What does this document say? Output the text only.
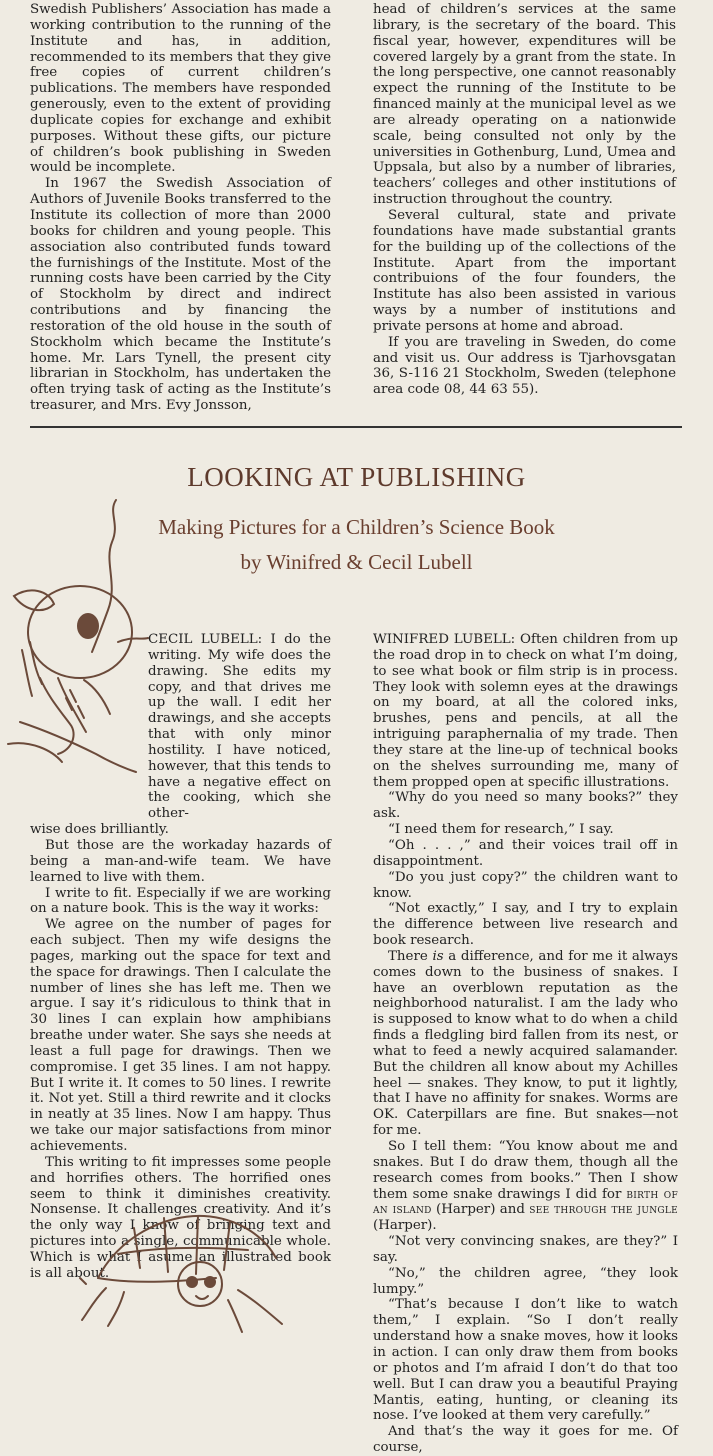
Swedish Publishers’ Association has made a working contribution to the running of the Institute and has, in addition, recommended to its members that they give free copies of current children’s publications. The members have responded generously, even to the extent of providing duplicate copies for exchange and exhibit purposes. Without these gifts, our picture of children’s book publishing in Sweden would be incomplete.

In 1967 the Swedish Association of Authors of Juvenile Books transferred to the Institute its collection of more than 2000 books for children and young people. This association also contributed funds toward the furnishings of the Institute. Most of the running costs have been carried by the City of Stockholm by direct and indirect contributions and by financing the restoration of the old house in the south of Stockholm which became the Institute’s home. Mr. Lars Tynell, the present city librarian in Stockholm, has undertaken the often trying task of acting as the Institute’s treasurer, and Mrs. Evy Jonsson,

head of children’s services at the same library, is the secretary of the board. This fiscal year, however, expenditures will be covered largely by a grant from the state. In the long perspective, one cannot reasonably expect the running of the Institute to be financed mainly at the municipal level as we are already operating on a nationwide scale, being consulted not only by the universities in Gothenburg, Lund, Umea and Uppsala, but also by a number of libraries, teachers’ colleges and other institutions of instruction throughout the country.

Several cultural, state and private foundations have made substantial grants for the building up of the collections of the Institute. Apart from the important contribuions of the four founders, the Institute has also been assisted in various ways by a number of institutions and private persons at home and abroad.

If you are traveling in Sweden, do come and visit us. Our address is Tjarhovsgatan 36, S-116 21 Stockholm, Sweden (telephone area code 08, 44 63 55).

LOOKING AT PUBLISHING
Making Pictures for a Children’s Science Book
by Winifred & Cecil Lubell

CECIL LUBELL: I do the writing. My wife does the drawing. She edits my copy, and that drives me up the wall. I edit her drawings, and she accepts that with only minor hostility. I have noticed, however, that this tends to have a negative effect on the cooking, which she other-

wise does brilliantly.

But those are the workaday hazards of being a man-and-wife team. We have learned to live with them.

I write to fit. Especially if we are working on a nature book. This is the way it works:

We agree on the number of pages for each subject. Then my wife designs the pages, marking out the space for text and the space for drawings. Then I calculate the number of lines she has left me. Then we argue. I say it’s ridiculous to think that in 30 lines I can explain how amphibians breathe under water. She says she needs at least a full page for drawings. Then we compromise. I get 35 lines. I am not happy. But I write it. It comes to 50 lines. I rewrite it. Not yet. Still a third rewrite and it clocks in neatly at 35 lines. Now I am happy. Thus we take our major satisfactions from minor achievements.

This writing to fit impresses some people and horrifies others. The horrified ones seem to think it diminishes creativity. Nonsense. It challenges creativity. And it’s the only way I know of bringing text and pictures into a single, communicable whole. Which is what I asume an illustrated book is all about.

WINIFRED LUBELL: Often children from up the road drop in to check on what I’m doing, to see what book or film strip is in process. They look with solemn eyes at the drawings on my board, at all the colored inks, brushes, pens and pencils, at all the intriguing paraphernalia of my trade. Then they stare at the line-up of technical books on the shelves surrounding me, many of them propped open at specific illustrations.

“Why do you need so many books?” they ask.

“I need them for research,” I say.

“Oh . . . ,” and their voices trail off in disappointment.

“Do you just copy?” the children want to know.

“Not exactly,” I say, and I try to explain the difference between live research and book research.

There is a difference, and for me it always comes down to the business of snakes. I have an overblown reputation as the neighborhood naturalist. I am the lady who is supposed to know what to do when a child finds a fledgling bird fallen from its nest, or what to feed a newly acquired salamander. But the children all know about my Achilles heel — snakes. They know, to put it lightly, that I have no affinity for snakes. Worms are OK. Caterpillars are fine. But snakes—not for me.

So I tell them: “You know about me and snakes. But I do draw them, though all the research comes from books.” Then I show them some snake drawings I did for birth of an island (Harper) and see through the jungle (Harper).

“Not very convincing snakes, are they?” I say.

“No,” the children agree, “they look lumpy.”

“That’s because I don’t like to watch them,” I explain. “So I don’t really understand how a snake moves, how it looks in action. I can only draw them from books or photos and I’m afraid I don’t do that too well. But I can draw you a beautiful Praying Mantis, eating, hunting, or cleaning its nose. I’ve looked at them very carefully.”

And that’s the way it goes for me. Of course,
